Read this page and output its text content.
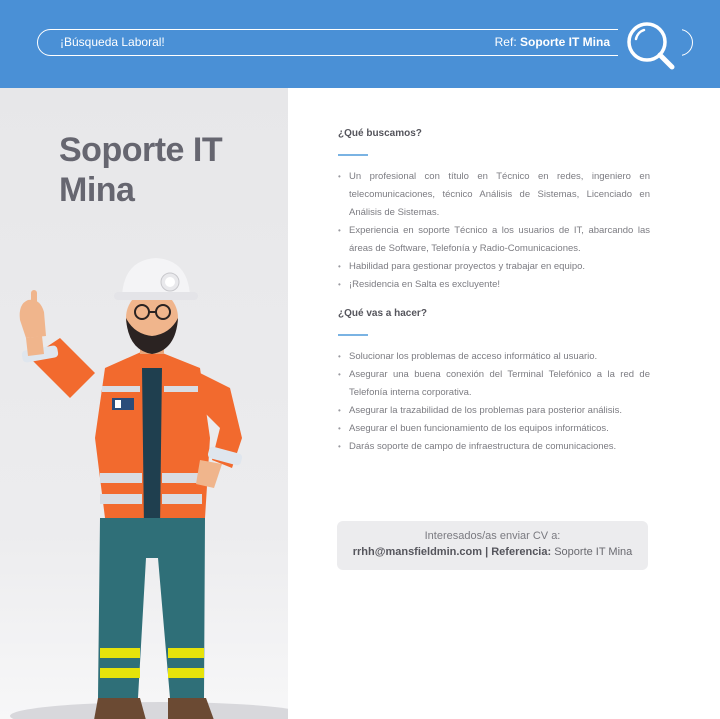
¡Búsqueda Laboral!	Ref: Soporte IT Mina
Soporte IT
Mina
¿Qué buscamos?
• Un profesional con título en Técnico en redes, ingeniero en telecomunicaciones, técnico Análisis de Sistemas, Licenciado en Análisis de Sistemas.
• Experiencia en soporte Técnico a los usuarios de IT, abarcando las áreas de Software, Telefonía y Radio-Comunicaciones.
• Habilidad para gestionar proyectos y trabajar en equipo.
• ¡Residencia en Salta es excluyente!
¿Qué vas a hacer?
• Solucionar los problemas de acceso informático al usuario.
• Asegurar una buena conexión del Terminal Telefónico a la red de Telefonía interna corporativa.
• Asegurar la trazabilidad de los problemas para posterior análisis.
• Asegurar el buen funcionamiento de los equipos informáticos.
• Darás soporte de campo de infraestructura de comunicaciones.
Interesados/as enviar CV a:
rrhh@mansfieldmin.com | Referencia: Soporte IT Mina
